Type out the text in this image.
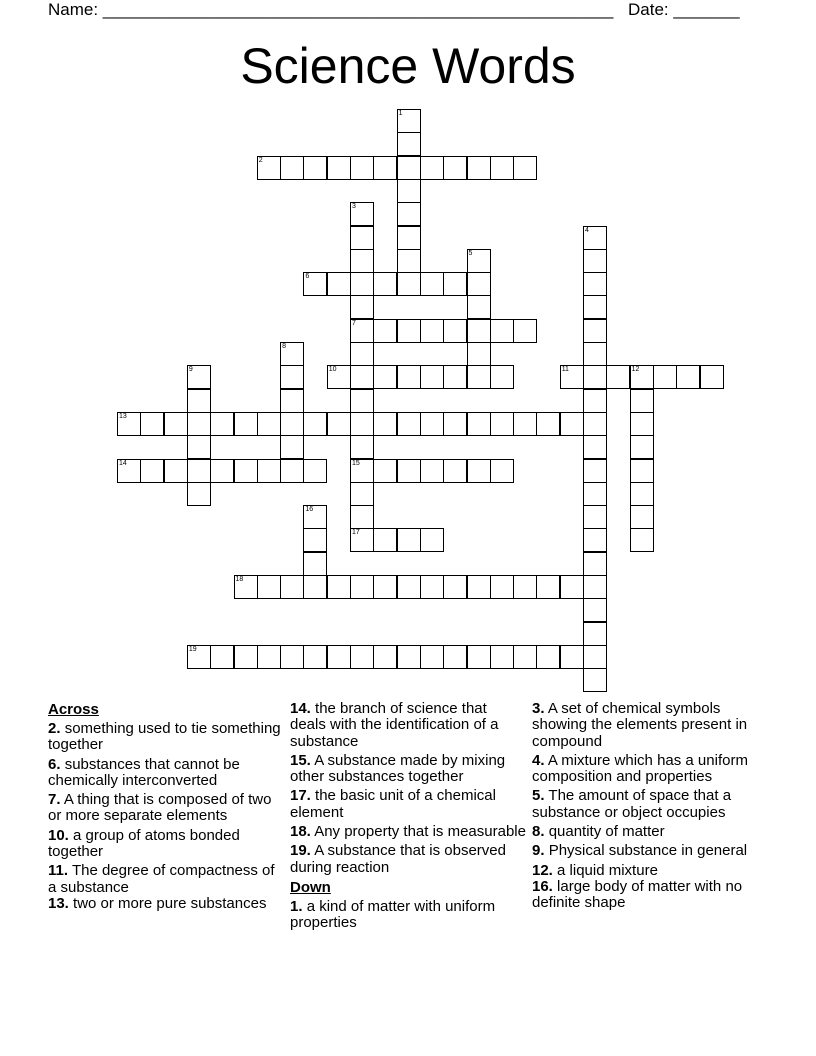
Name: ______________________________________________________ Date: _______
Science Words
1
2
3
7
15
17
4
5
6
8
9	10	11	12
13
14
16
18
19
Across
2. something used to tie something together
6. substances that cannot be chemically interconverted
7. A thing that is composed of two or more separate elements
10. a group of atoms bonded together
11. The degree of compactness of a substance
13. two or more pure substances
14. the branch of science that deals with the identification of a substance
15. A substance made by mixing other substances together
17. the basic unit of a chemical element
18. Any property that is measurable
19. A substance that is observed during reaction
Down
1. a kind of matter with uniform properties
3. A set of chemical symbols showing the elements present in compound
4. A mixture which has a uniform composition and properties
5. The amount of space that a substance or object occupies
8. quantity of matter
9. Physical substance in general
12. a liquid mixture
16. large body of matter with no definite shape
